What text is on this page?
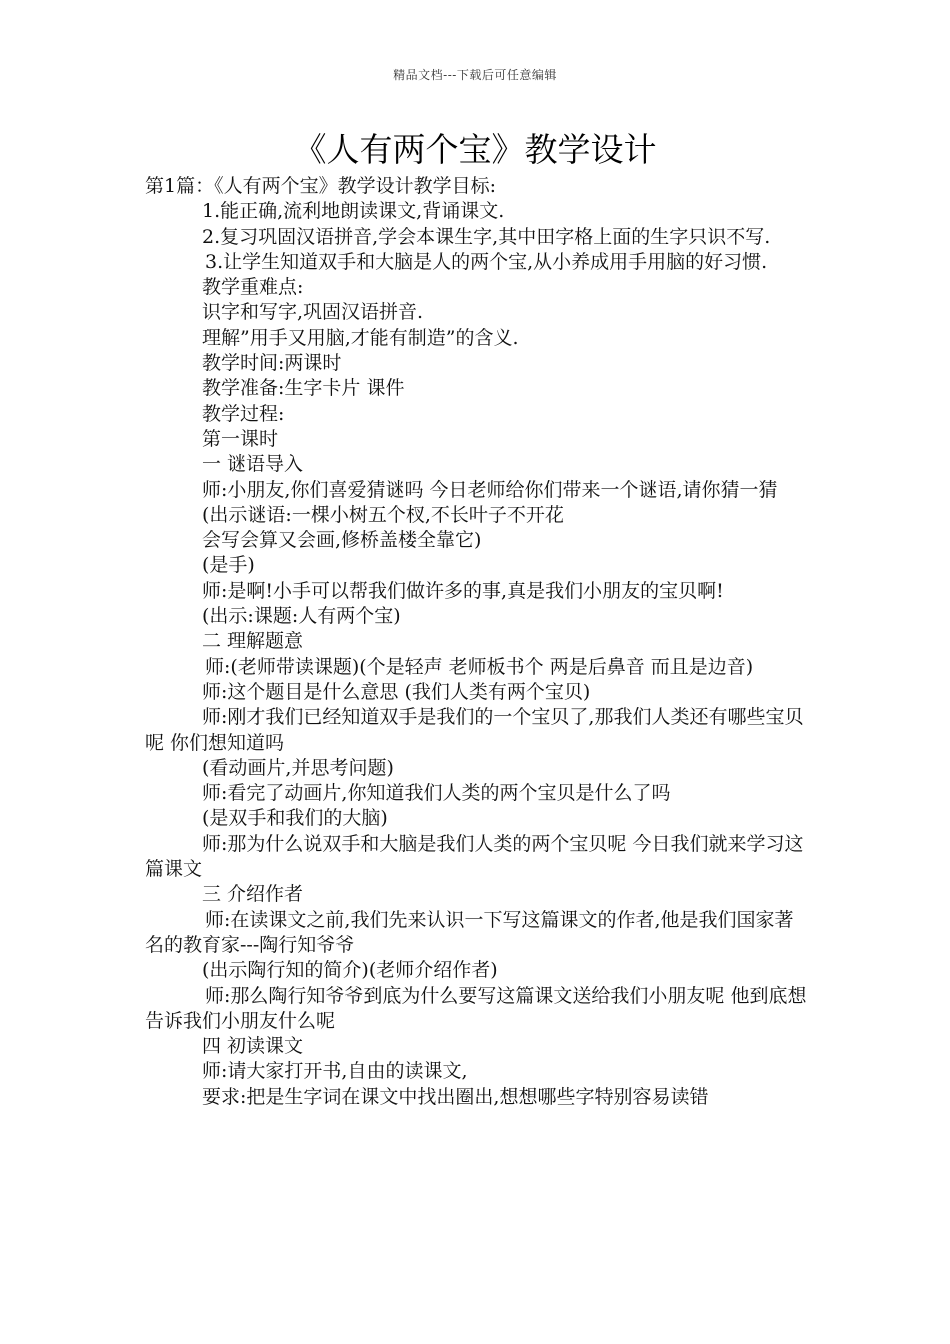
精品文档---下载后可任意编辑
《人有两个宝》教学设计

第1篇：《人有两个宝》教学设计教学目标:

1.能正确,流利地朗读课文,背诵课文.

2.复习巩固汉语拼音,学会本课生字,其中田字格上面的生字只识不写.

3.让学生知道双手和大脑是人的两个宝,从小养成用手用脑的好习惯.

教学重难点:

识字和写字,巩固汉语拼音.

理解”用手又用脑,才能有制造”的含义.

教学时间:两课时

教学准备:生字卡片 课件

教学过程:

第一课时

一 谜语导入

师:小朋友,你们喜爱猜谜吗 今日老师给你们带来一个谜语,请你猜一猜

(出示谜语:一棵小树五个杈,不长叶子不开花

会写会算又会画,修桥盖楼全靠它)

(是手)

师:是啊!小手可以帮我们做许多的事,真是我们小朋友的宝贝啊!

(出示:课题:人有两个宝)

二 理解题意

师:(老师带读课题)(个是轻声 老师板书个 两是后鼻音 而且是边音)

师:这个题目是什么意思 (我们人类有两个宝贝)

师:刚才我们已经知道双手是我们的一个宝贝了,那我们人类还有哪些宝贝呢 你们想知道吗

(看动画片,并思考问题)

师:看完了动画片,你知道我们人类的两个宝贝是什么了吗

(是双手和我们的大脑)

师:那为什么说双手和大脑是我们人类的两个宝贝呢 今日我们就来学习这篇课文

三 介绍作者

师:在读课文之前,我们先来认识一下写这篇课文的作者,他是我们国家著名的教育家---陶行知爷爷

(出示陶行知的简介)(老师介绍作者)

师:那么陶行知爷爷到底为什么要写这篇课文送给我们小朋友呢 他到底想告诉我们小朋友什么呢

四 初读课文

师:请大家打开书,自由的读课文,

要求:把是生字词在课文中找出圈出,想想哪些字特别容易读错
